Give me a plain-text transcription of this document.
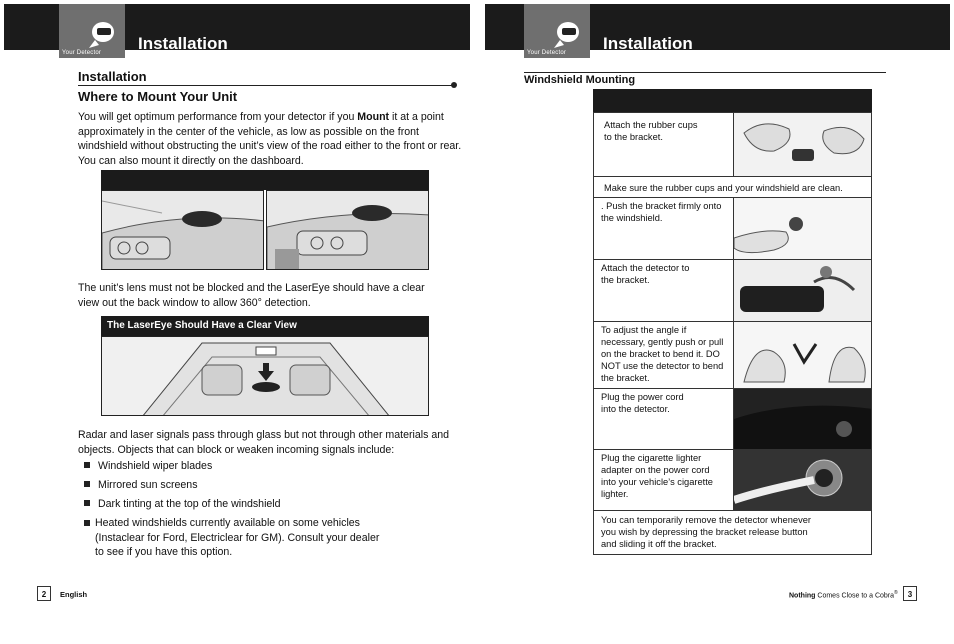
Your Detector Installation
Installation
Where to Mount Your Unit
You will get optimum performance from your detector if you Mount it at a point approximately in the center of the vehicle, as low as possible on the front windshield without obstructing the unit’s view of the road either to the front or rear. You can also mount it directly on the dashboard.
The unit’s lens must not be blocked and the LaserEye should have a clear view out the back window to allow 360° detection.
The LaserEye Should Have a Clear View
Radar and laser signals pass through glass but not through other materials and objects. Objects that can block or weaken incoming signals include:
Windshield wiper blades
Mirrored sun screens
Dark tinting at the top of the windshield
Heated windshields currently available on some vehicles (Instaclear for Ford, Electriclear for GM). Consult your dealer to see if you have this option.
2	English
Your Detector Installation
Windshield Mounting
Attach the rubber cups to the bracket.
Make sure the rubber cups and your windshield are clean.
. Push the bracket firmly onto the windshield.
Attach the detector to the bracket.
To adjust the angle if necessary, gently push or pull on the bracket to bend it. DO NOT use the detector to bend the bracket.
Plug the power cord into the detector.
Plug the cigarette lighter adapter on the power cord into your vehicle’s cigarette lighter.
You can temporarily remove the detector whenever you wish by depressing the bracket release button and sliding it off the bracket.
Nothing Comes Close to a Cobra®	3
